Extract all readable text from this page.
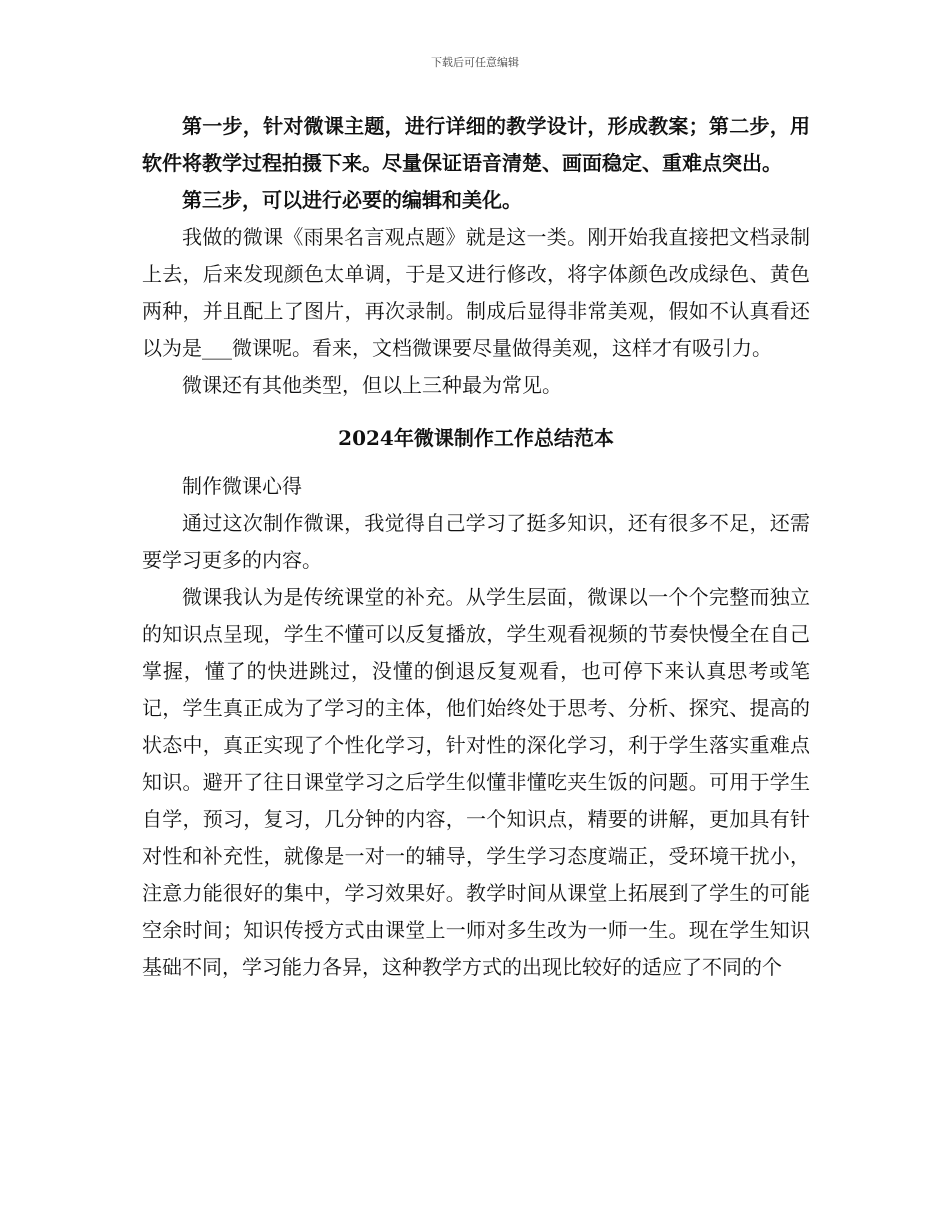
下载后可任意编辑

第一步，针对微课主题，进行详细的教学设计，形成教案；第二步，用软件将教学过程拍摄下来。尽量保证语音清楚、画面稳定、重难点突出。

第三步，可以进行必要的编辑和美化。

我做的微课《雨果名言观点题》就是这一类。刚开始我直接把文档录制上去，后来发现颜色太单调，于是又进行修改，将字体颜色改成绿色、黄色两种，并且配上了图片，再次录制。制成后显得非常美观，假如不认真看还以为是___微课呢。看来，文档微课要尽量做得美观，这样才有吸引力。

微课还有其他类型，但以上三种最为常见。

2024年微课制作工作总结范本

制作微课心得

通过这次制作微课，我觉得自己学习了挺多知识，还有很多不足，还需要学习更多的内容。

微课我认为是传统课堂的补充。从学生层面，微课以一个个完整而独立的知识点呈现，学生不懂可以反复播放，学生观看视频的节奏快慢全在自己掌握，懂了的快进跳过，没懂的倒退反复观看，也可停下来认真思考或笔记，学生真正成为了学习的主体，他们始终处于思考、分析、探究、提高的状态中，真正实现了个性化学习，针对性的深化学习，利于学生落实重难点知识。避开了往日课堂学习之后学生似懂非懂吃夹生饭的问题。可用于学生自学，预习，复习，几分钟的内容，一个知识点，精要的讲解，更加具有针对性和补充性，就像是一对一的辅导，学生学习态度端正，受环境干扰小，注意力能很好的集中，学习效果好。教学时间从课堂上拓展到了学生的可能空余时间；知识传授方式由课堂上一师对多生改为一师一生。现在学生知识基础不同，学习能力各异，这种教学方式的出现比较好的适应了不同的个
